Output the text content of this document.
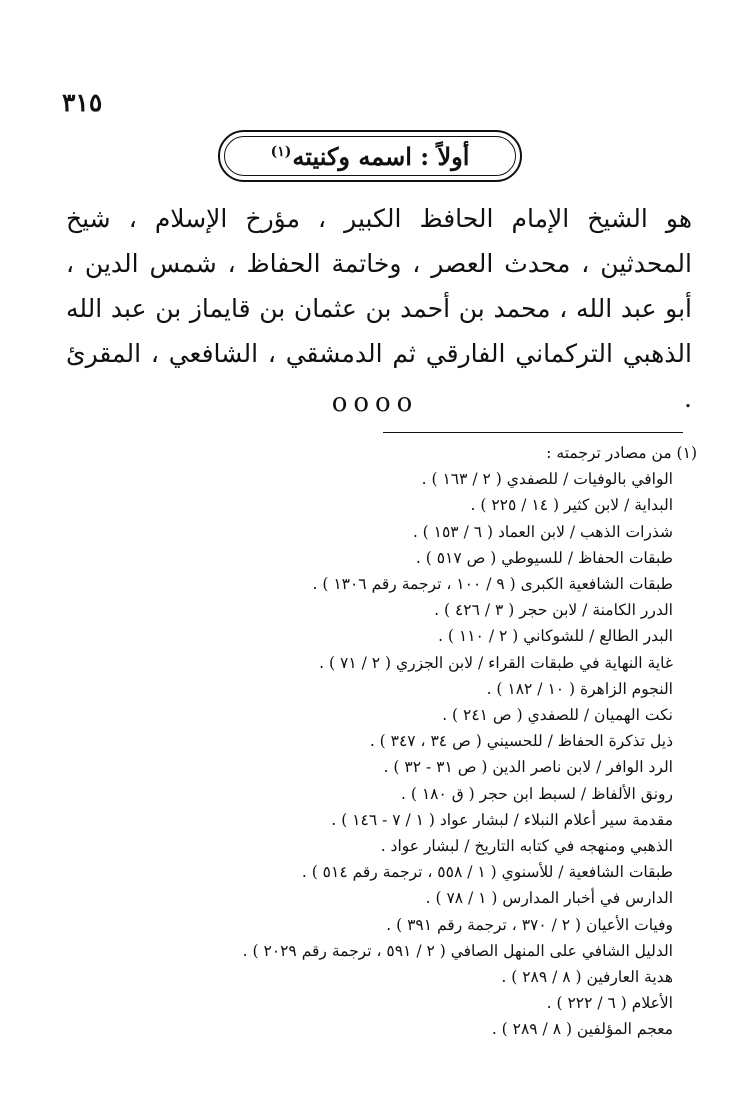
٣١٥
أولاً : اسمه وكنيته$^{(١)}$

هو الشيخ الإمام الحافظ الكبير ، مؤرخ الإسلام ، شيخ المحدثين ، محدث العصر ، وخاتمة الحفاظ ، شمس الدين ، أبو عبد الله ، محمد بن أحمد بن عثمان بن قايماز بن عبد الله الذهبي التركماني الفارقي ثم الدمشقي ، الشافعي ، المقرئ .

oooo

(١) من مصادر ترجمته :

الوافي بالوفيات / للصفدي ( ٢ / ١٦٣ ) .
البداية / لابن كثير ( ١٤ / ٢٢٥ ) .
شذرات الذهب / لابن العماد ( ٦ / ١٥٣ ) .
طبقات الحفاظ / للسيوطي ( ص ٥١٧ ) .
طبقات الشافعية الكبرى ( ٩ / ١٠٠ ، ترجمة رقم ١٣٠٦ ) .
الدرر الكامنة / لابن حجر ( ٣ / ٤٢٦ ) .
البدر الطالع / للشوكاني ( ٢ / ١١٠ ) .
غاية النهاية في طبقات القراء / لابن الجزري ( ٢ / ٧١ ) .
النجوم الزاهرة ( ١٠ / ١٨٢ ) .
نكت الهميان / للصفدي ( ص ٢٤١ ) .
ذيل تذكرة الحفاظ / للحسيني ( ص ٣٤ ، ٣٤٧ ) .
الرد الوافر / لابن ناصر الدين ( ص ٣١ - ٣٢ ) .
رونق الألفاظ / لسبط ابن حجر ( ق ١٨٠ ) .
مقدمة سير أعلام النبلاء / لبشار عواد ( ١ / ٧ - ١٤٦ ) .
الذهبي ومنهجه في كتابه التاريخ / لبشار عواد .
طبقات الشافعية / للأسنوي ( ١ / ٥٥٨ ، ترجمة رقم ٥١٤ ) .
الدارس في أخبار المدارس ( ١ / ٧٨ ) .
وفيات الأعيان ( ٢ / ٣٧٠ ، ترجمة رقم ٣٩١ ) .
الدليل الشافي على المنهل الصافي ( ٢ / ٥٩١ ، ترجمة رقم ٢٠٢٩ ) .
هدية العارفين ( ٨ / ٢٨٩ ) .
الأعلام ( ٦ / ٢٢٢ ) .
معجم المؤلفين ( ٨ / ٢٨٩ ) .
